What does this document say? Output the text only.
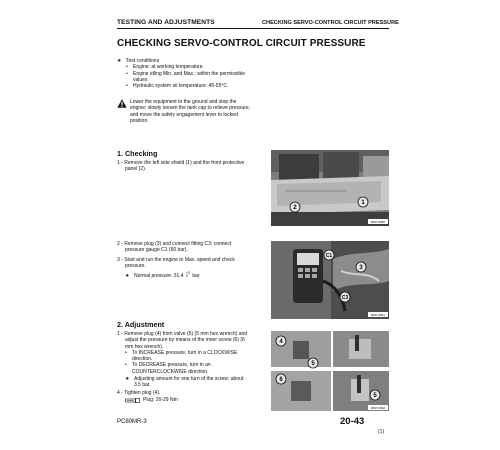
TESTING AND ADJUSTMENTS	CHECKING SERVO-CONTROL CIRCUIT PRESSURE
CHECKING SERVO-CONTROL CIRCUIT PRESSURE
★ Test conditions
• Engine: at working temperature.
• Engine idling Min. and Max.: within the permissible
values
• Hydraulic system oil temperature: 45-55°C.
Lower the equipment to the ground and stop the
engine; slowly loosen the tank cap to relieve pressure,
and move the safety engagement lever to locked
position.
1. Checking
1 - Remove the left side shield (1) and the front protective
panel (2).
2 - Remove plug (3) and connect fitting C3; connect
pressure gauge C1 (60 bar).
3 - Start and run the engine to Max. speed and check
pressure.
★ Normal pressure: 31.4 +2
0 bar
2. Adjustment
1 - Remove plug (4) from valve (5) (5 mm hex wrench) and
adjust the pressure by means of the inner screw (6) (6
mm hex wrench).
• To INCREASE pressure, turn in a CLOCKWISE
direction.
• To DECREASE pressure, turn in an
COUNTERCLOCKWISE direction.
★ Adjusting amount for one turn of the screw: about
3.5 bar.
4 - Tighten plug (4).
Plug: 20-29 Nm
2
1
RKP-0940
C1
3
C3
RKP-0941
4
5
6
5
RKP-0942
PC80MR-3	20-43
(1)
